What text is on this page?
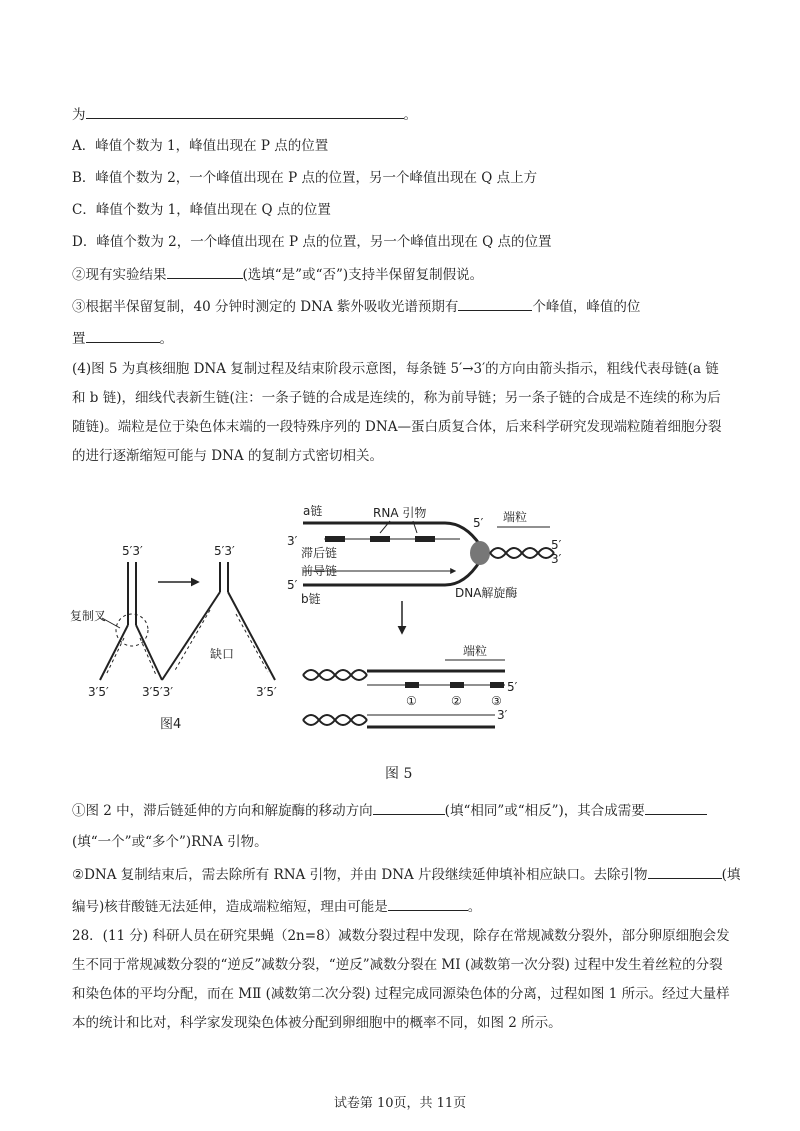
为	。
A．峰值个数为 1，峰值出现在 P 点的位置
B．峰值个数为 2，一个峰值出现在 P 点的位置，另一个峰值出现在 Q 点上方
C．峰值个数为 1，峰值出现在 Q 点的位置
D．峰值个数为 2，一个峰值出现在 P 点的位置，另一个峰值出现在 Q 点的位置
②现有实验结果	(选填“是”或“否”)支持半保留复制假说。
③根据半保留复制，40 分钟时测定的 DNA 紫外吸收光谱预期有	个峰值，峰值的位
置	。
(4)图 5 为真核细胞 DNA 复制过程及结束阶段示意图，每条链 5′→3′的方向由箭头指示，粗线代表母链(a 链和 b 链)，细线代表新生链(注：一条子链的合成是连续的，称为前导链；另一条子链的合成是不连续的称为后随链)。端粒是位于染色体末端的一段特殊序列的 DNA—蛋白质复合体，后来科学研究发现端粒随着细胞分裂的进行逐渐缩短可能与 DNA 的复制方式密切相关。
5′3′
复制叉
3′5′
5′3′
缺口
3′5′3′	3′5′
图4
a链	RNA 引物
3′
滞后链
前导链
5′
b链
5′ 端粒
5′
3′
DNA解旋酶
端粒
5′
①	② ③
3′
图 5
①图 2 中，滞后链延伸的方向和解旋酶的移动方向	(填“相同”或“相反”)，其合成需要
(填“一个”或“多个”)RNA 引物。
②DNA 复制结束后，需去除所有 RNA 引物，并由 DNA 片段继续延伸填补相应缺口。去除引物	(填
编号)核苷酸链无法延伸，造成端粒缩短，理由可能是	。
28．(11 分) 科研人员在研究果蝇（2n=8）减数分裂过程中发现，除存在常规减数分裂外，部分卵原细胞会发生不同于常规减数分裂的“逆反”减数分裂，“逆反”减数分裂在 MⅠ (减数第一次分裂) 过程中发生着丝粒的分裂和染色体的平均分配，而在 MⅡ (减数第二次分裂) 过程完成同源染色体的分离，过程如图 1 所示。经过大量样本的统计和比对，科学家发现染色体被分配到卵细胞中的概率不同，如图 2 所示。
试卷第 10页，共 11页
